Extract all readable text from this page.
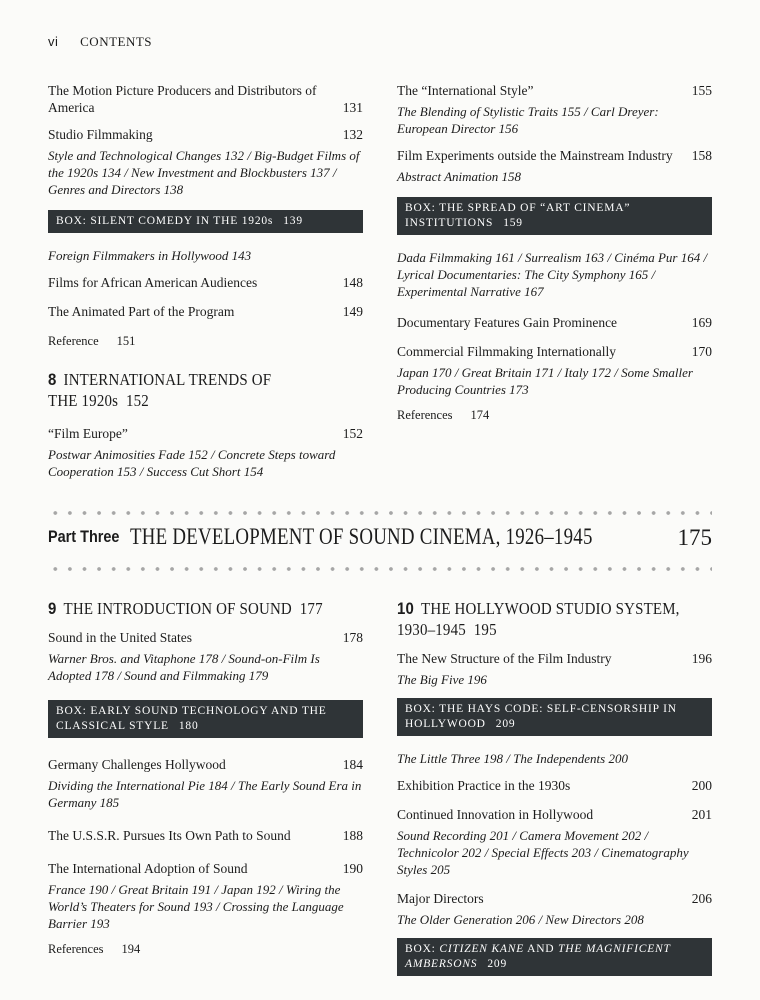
vi CONTENTS
The Motion Picture Producers and Distributors of America	131
Studio Filmmaking	132
Style and Technological Changes 132 / Big-Budget Films of the 1920s 134 / New Investment and Blockbusters 137 / Genres and Directors 138
BOX: SILENT COMEDY IN THE 1920s 139
Foreign Filmmakers in Hollywood 143
Films for African American Audiences	148
The Animated Part of the Program	149
Reference 151
8 INTERNATIONAL TRENDS OF THE 1920s 152
“Film Europe”	152
Postwar Animosities Fade 152 / Concrete Steps toward Cooperation 153 / Success Cut Short 154
The “International Style”	155
The Blending of Stylistic Traits 155 / Carl Dreyer: European Director 156
Film Experiments outside the Mainstream Industry 158
Abstract Animation 158
BOX: THE SPREAD OF “ART CINEMA” INSTITUTIONS 159
Dada Filmmaking 161 / Surrealism 163 / Cinéma Pur 164 / Lyrical Documentaries: The City Symphony 165 / Experimental Narrative 167
Documentary Features Gain Prominence	169
Commercial Filmmaking Internationally	170
Japan 170 / Great Britain 171 / Italy 172 / Some Smaller Producing Countries 173
References 174
Part Three THE DEVELOPMENT OF SOUND CINEMA, 1926–1945	175
9 THE INTRODUCTION OF SOUND 177
Sound in the United States	178
Warner Bros. and Vitaphone 178 / Sound-on-Film Is Adopted 178 / Sound and Filmmaking 179
BOX: EARLY SOUND TECHNOLOGY AND THE CLASSICAL STYLE 180
Germany Challenges Hollywood	184
Dividing the International Pie 184 / The Early Sound Era in Germany 185
The U.S.S.R. Pursues Its Own Path to Sound	188
The International Adoption of Sound	190
France 190 / Great Britain 191 / Japan 192 / Wiring the World’s Theaters for Sound 193 / Crossing the Language Barrier 193
References 194
10 THE HOLLYWOOD STUDIO SYSTEM, 1930–1945 195
The New Structure of the Film Industry	196
The Big Five 196
BOX: THE HAYS CODE: SELF-CENSORSHIP IN HOLLYWOOD 209
The Little Three 198 / The Independents 200
Exhibition Practice in the 1930s	200
Continued Innovation in Hollywood	201
Sound Recording 201 / Camera Movement 202 / Technicolor 202 / Special Effects 203 / Cinematography Styles 205
Major Directors	206
The Older Generation 206 / New Directors 208
BOX: CITIZEN KANE AND THE MAGNIFICENT AMBERSONS 209
